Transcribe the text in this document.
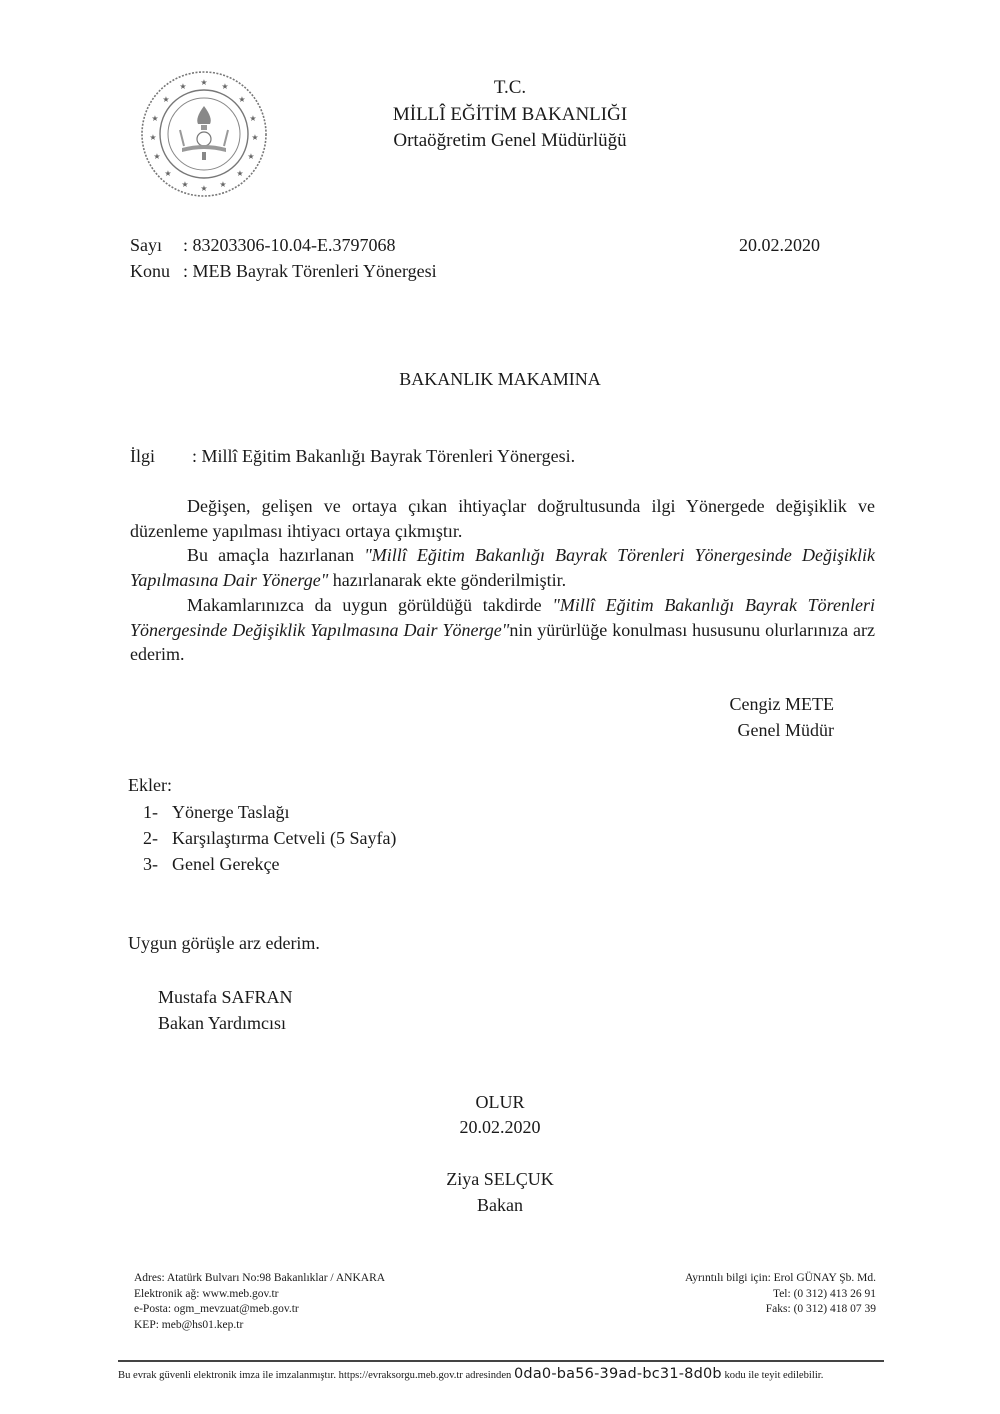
★
★	★
★	★
★	★
★	★
★	★
★	★
★	★
★
T.C.
MİLLÎ EĞİTİM BAKANLIĞI
Ortaöğretim Genel Müdürlüğü
Sayı : 83203306-10.04-E.3797068	20.02.2020
Konu : MEB Bayrak Törenleri Yönergesi
BAKANLIK MAKAMINA
İlgi : Millî Eğitim Bakanlığı Bayrak Törenleri Yönergesi.
Değişen, gelişen ve ortaya çıkan ihtiyaçlar doğrultusunda ilgi Yönergede değişiklik ve düzenleme yapılması ihtiyacı ortaya çıkmıştır.
Bu amaçla hazırlanan "Millî Eğitim Bakanlığı Bayrak Törenleri Yönergesinde Değişiklik Yapılmasına Dair Yönerge" hazırlanarak ekte gönderilmiştir.
Makamlarınızca da uygun görüldüğü takdirde "Millî Eğitim Bakanlığı Bayrak Törenleri Yönergesinde Değişiklik Yapılmasına Dair Yönerge"nin yürürlüğe konulması hususunu olurlarınıza arz ederim.
Cengiz METE
Genel Müdür
Ekler:
1- Yönerge Taslağı
2- Karşılaştırma Cetveli (5 Sayfa)
3- Genel Gerekçe
Uygun görüşle arz ederim.
Mustafa SAFRAN
Bakan Yardımcısı
OLUR
20.02.2020
Ziya SELÇUK
Bakan
Adres: Atatürk Bulvarı No:98 Bakanlıklar / ANKARA
Elektronik ağ: www.meb.gov.tr
e-Posta: ogm_mevzuat@meb.gov.tr
KEP: meb@hs01.kep.tr
Ayrıntılı bilgi için: Erol GÜNAY Şb. Md.
Tel: (0 312) 413 26 91
Faks: (0 312) 418 07 39
Bu evrak güvenli elektronik imza ile imzalanmıştır. https://evraksorgu.meb.gov.tr adresinden 0da0-ba56-39ad-bc31-8d0b kodu ile teyit edilebilir.
